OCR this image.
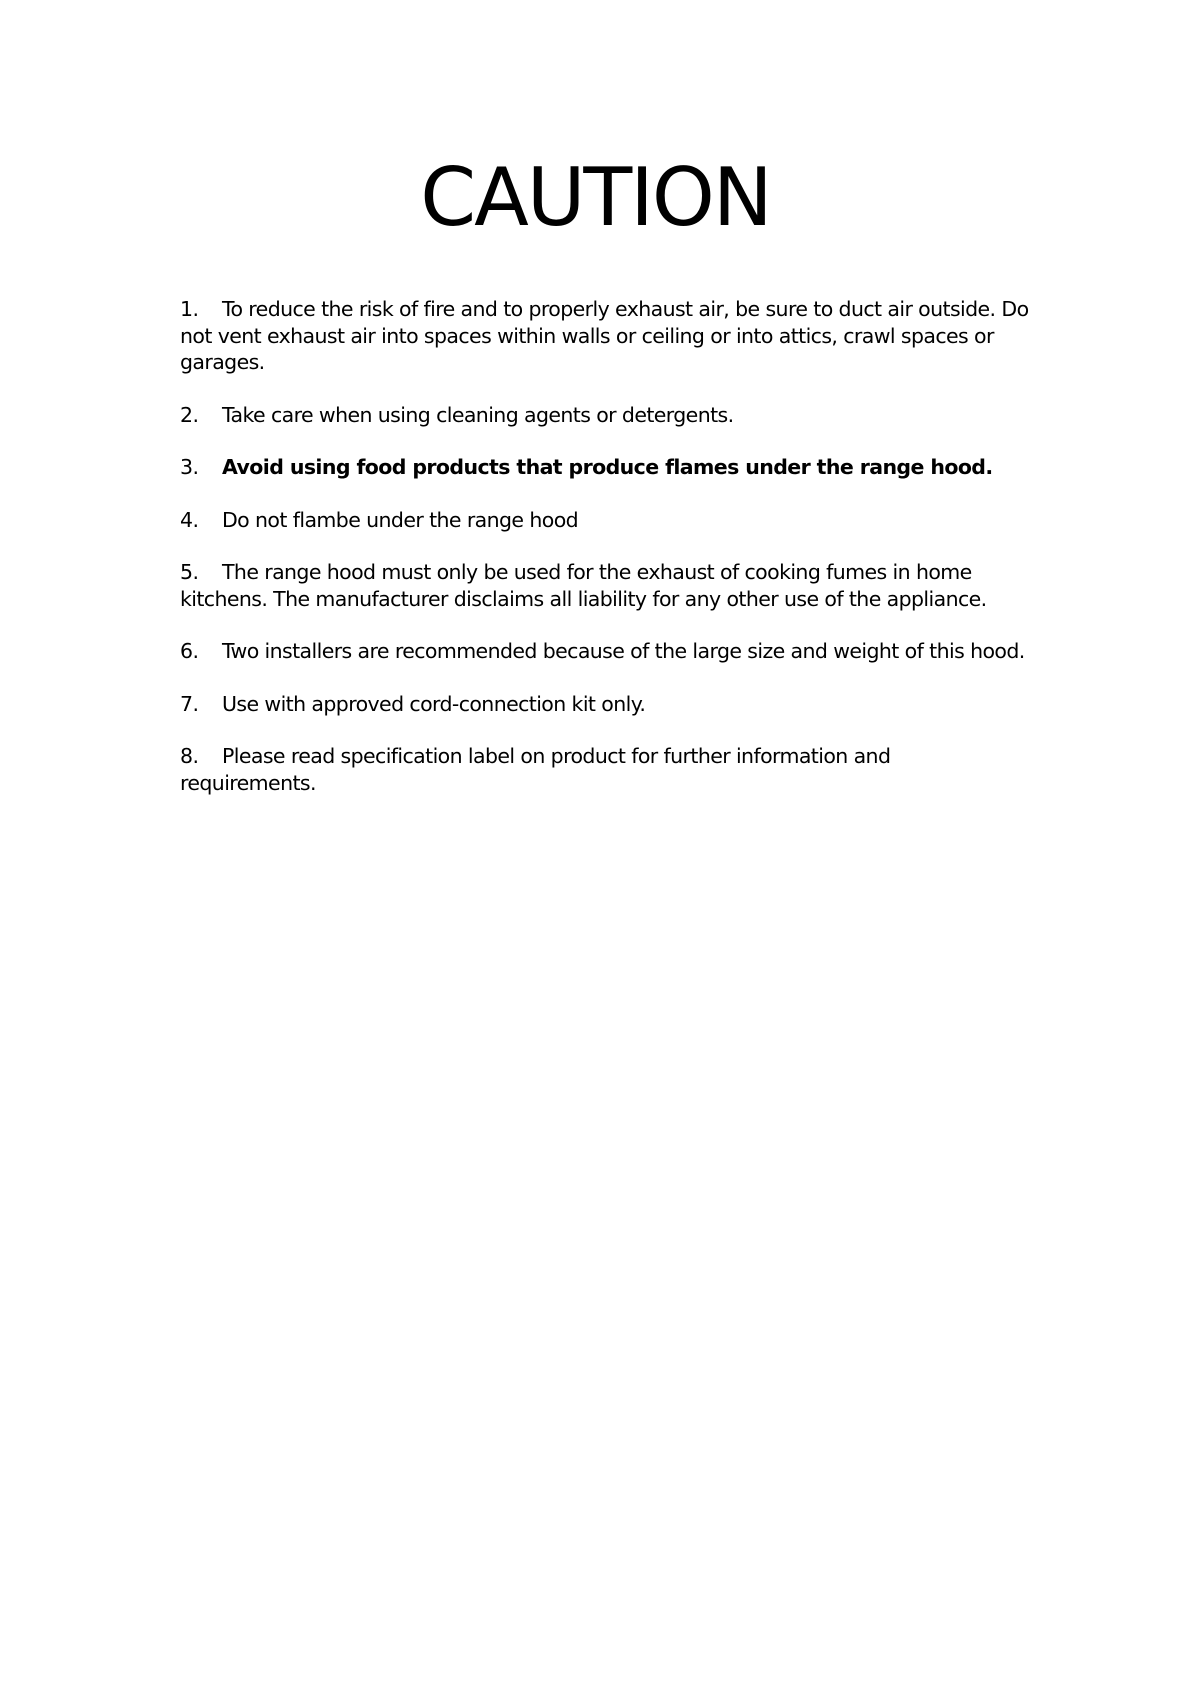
CAUTION
1. To reduce the risk of fire and to properly exhaust air, be sure to duct air outside. Do not vent exhaust air into spaces within walls or ceiling or into attics, crawl spaces or garages.
2. Take care when using cleaning agents or detergents.
3. Avoid using food products that produce flames under the range hood.
4. Do not flambe under the range hood
5. The range hood must only be used for the exhaust of cooking fumes in home kitchens. The manufacturer disclaims all liability for any other use of the appliance.
6. Two installers are recommended because of the large size and weight of this hood.
7. Use with approved cord-connection kit only.
8. Please read specification label on product for further information and requirements.
